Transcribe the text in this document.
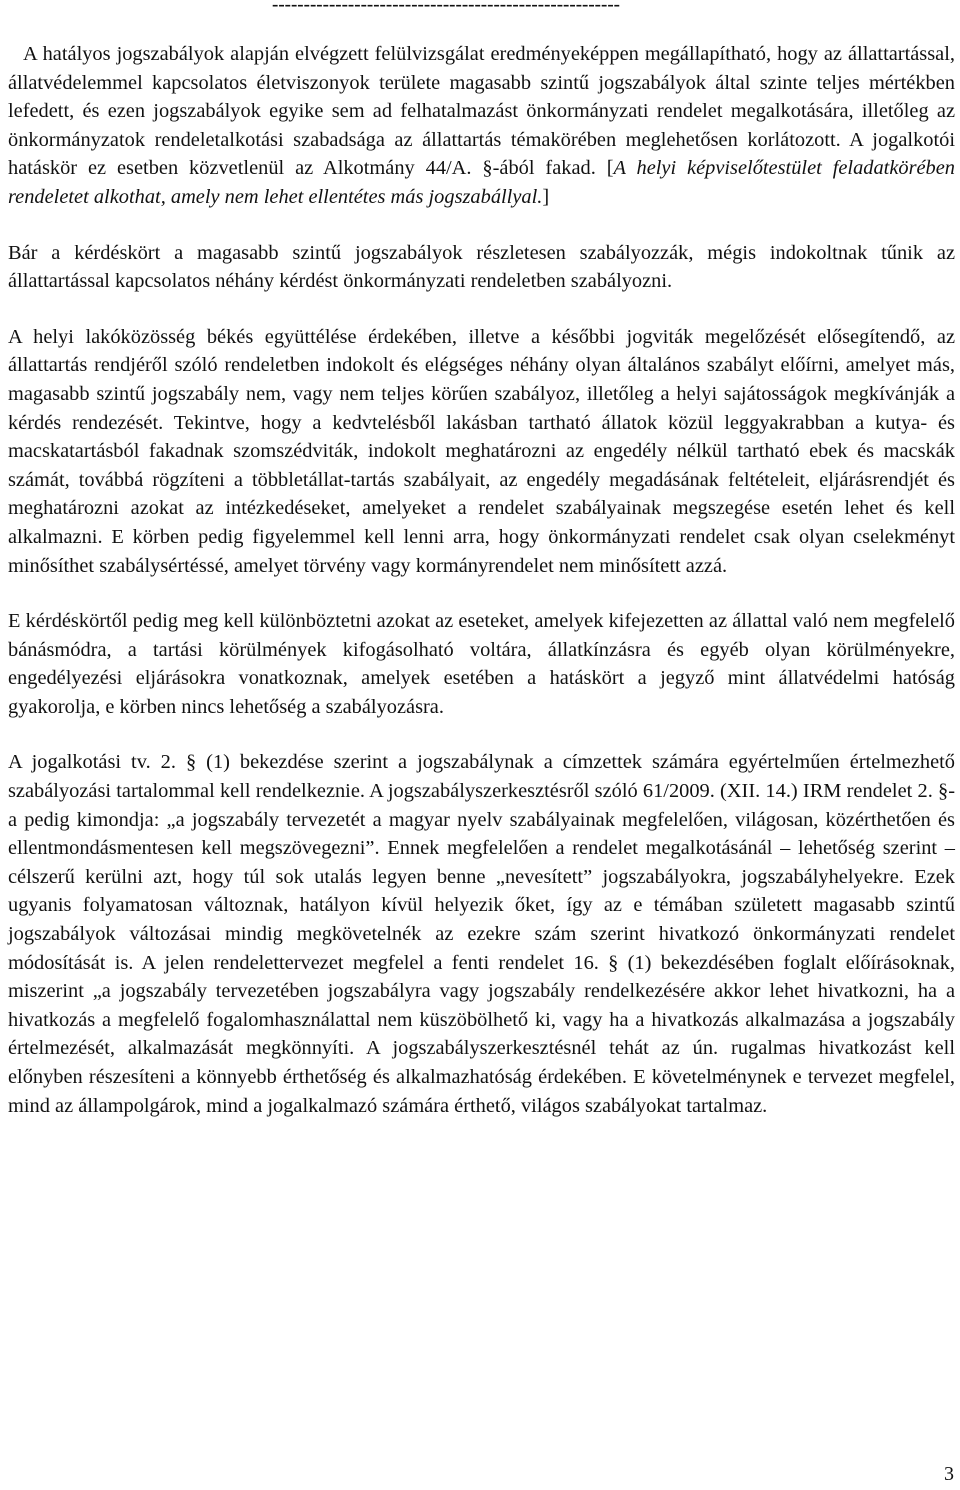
-------------------------------------------------------

A hatályos jogszabályok alapján elvégzett felülvizsgálat eredményeképpen megállapítható, hogy az állattartással, állatvédelemmel kapcsolatos életviszonyok területe magasabb szintű jogszabályok által szinte teljes mértékben lefedett, és ezen jogszabályok egyike sem ad felhatalmazást önkormányzati rendelet megalkotására, illetőleg az önkormányzatok rendeletalkotási szabadsága az állattartás témakörében meglehetősen korlátozott. A jogalkotói hatáskör ez esetben közvetlenül az Alkotmány 44/A. §-ából fakad. [A helyi képviselőtestület feladatkörében rendeletet alkothat, amely nem lehet ellentétes más jogszabállyal.]

Bár a kérdéskört a magasabb szintű jogszabályok részletesen szabályozzák, mégis indokoltnak tűnik az állattartással kapcsolatos néhány kérdést önkormányzati rendeletben szabályozni.

A helyi lakóközösség békés együttélése érdekében, illetve a későbbi jogviták megelőzését elősegítendő, az állattartás rendjéről szóló rendeletben indokolt és elégséges néhány olyan általános szabályt előírni, amelyet más, magasabb szintű jogszabály nem, vagy nem teljes körűen szabályoz, illetőleg a helyi sajátosságok megkívánják a kérdés rendezését. Tekintve, hogy a kedvtelésből lakásban tartható állatok közül leggyakrabban a kutya- és macskatartásból fakadnak szomszédviták, indokolt meghatározni az engedély nélkül tartható ebek és macskák számát, továbbá rögzíteni a többletállat-tartás szabályait, az engedély megadásának feltételeit, eljárásrendjét és meghatározni azokat az intézkedéseket, amelyeket a rendelet szabályainak megszegése esetén lehet és kell alkalmazni. E körben pedig figyelemmel kell lenni arra, hogy önkormányzati rendelet csak olyan cselekményt minősíthet szabálysértéssé, amelyet törvény vagy kormányrendelet nem minősített azzá.

E kérdéskörtől pedig meg kell különböztetni azokat az eseteket, amelyek kifejezetten az állattal való nem megfelelő bánásmódra, a tartási körülmények kifogásolható voltára, állatkínzásra és egyéb olyan körülményekre, engedélyezési eljárásokra vonatkoznak, amelyek esetében a hatáskört a jegyző mint állatvédelmi hatóság gyakorolja, e körben nincs lehetőség a szabályozásra.

A jogalkotási tv. 2. § (1) bekezdése szerint a jogszabálynak a címzettek számára egyértelműen értelmezhető szabályozási tartalommal kell rendelkeznie. A jogszabályszerkesztésről szóló 61/2009. (XII. 14.) IRM rendelet 2. §-a pedig kimondja: „a jogszabály tervezetét a magyar nyelv szabályainak megfelelően, világosan, közérthetően és ellentmondásmentesen kell megszövegezni”. Ennek megfelelően a rendelet megalkotásánál – lehetőség szerint – célszerű kerülni azt, hogy túl sok utalás legyen benne „nevesített” jogszabályokra, jogszabályhelyekre. Ezek ugyanis folyamatosan változnak, hatályon kívül helyezik őket, így az e témában született magasabb szintű jogszabályok változásai mindig megkövetelnék az ezekre szám szerint hivatkozó önkormányzati rendelet módosítását is. A jelen rendelettervezet megfelel a fenti rendelet 16. § (1) bekezdésében foglalt előírásoknak, miszerint „a jogszabály tervezetében jogszabályra vagy jogszabály rendelkezésére akkor lehet hivatkozni, ha a hivatkozás a megfelelő fogalomhasználattal nem küszöbölhető ki, vagy ha a hivatkozás alkalmazása a jogszabály értelmezését, alkalmazását megkönnyíti. A jogszabályszerkesztésnél tehát az ún. rugalmas hivatkozást kell előnyben részesíteni a könnyebb érthetőség és alkalmazhatóság érdekében. E követelménynek e tervezet megfelel, mind az állampolgárok, mind a jogalkalmazó számára érthető, világos szabályokat tartalmaz.

3
